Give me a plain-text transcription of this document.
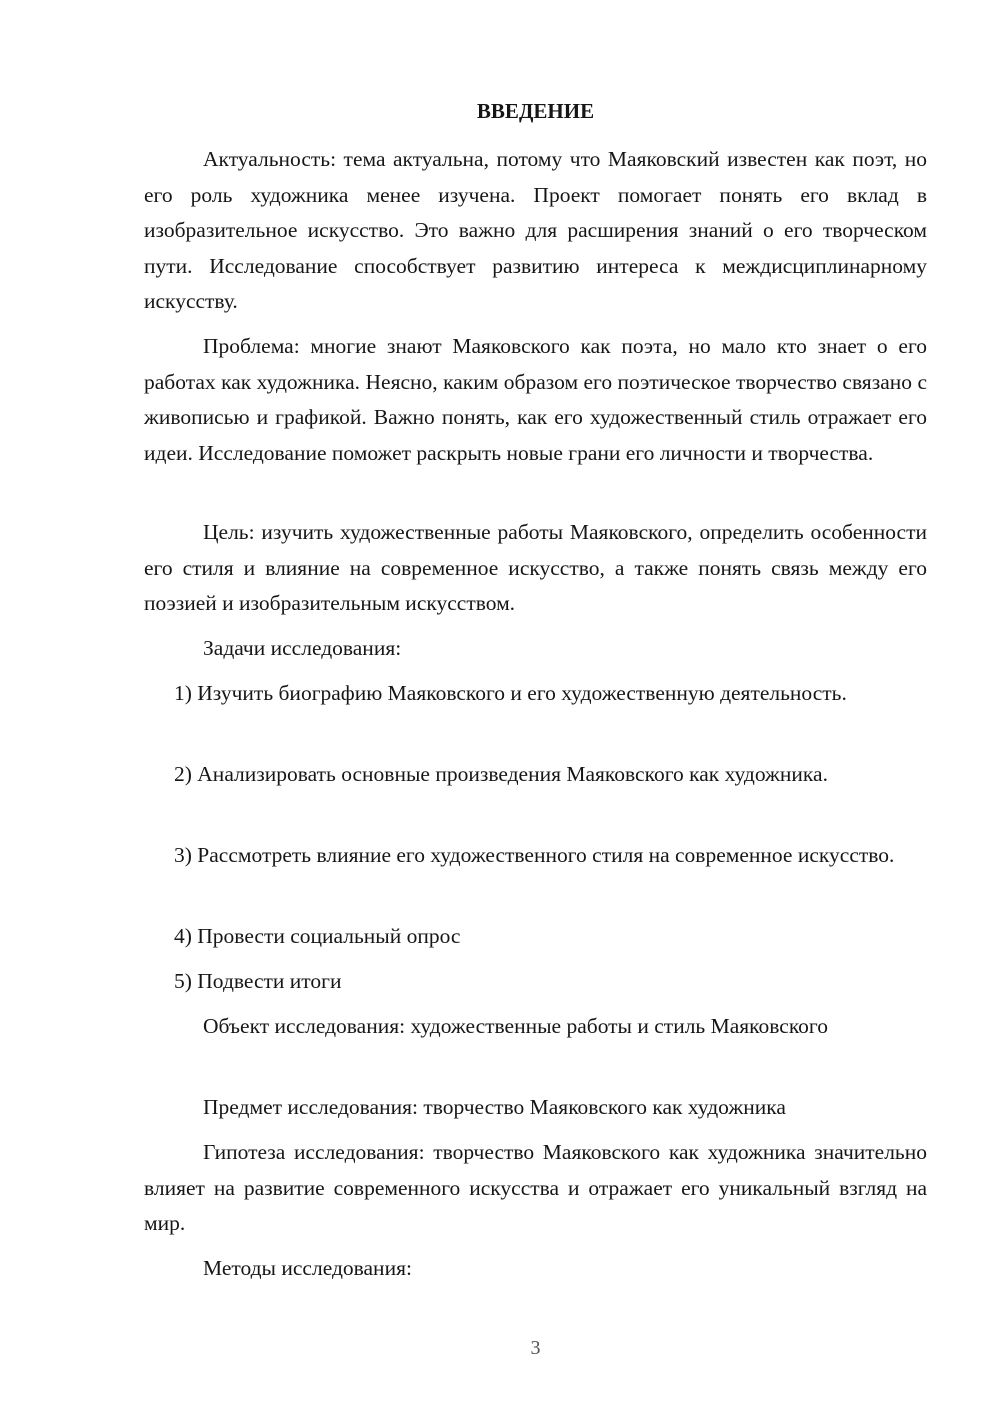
ВВЕДЕНИЕ

Актуальность: тема актуальна, потому что Маяковский известен как поэт, но его роль художника менее изучена. Проект помогает понять его вклад в изобразительное искусство. Это важно для расширения знаний о его творческом пути. Исследование способствует развитию интереса к междисциплинарному искусству.

Проблема: многие знают Маяковского как поэта, но мало кто знает о его работах как художника. Неясно, каким образом его поэтическое творчество связано с живописью и графикой. Важно понять, как его художественный стиль отражает его идеи. Исследование поможет раскрыть новые грани его личности и творчества.

Цель: изучить художественные работы Маяковского, определить особенности его стиля и влияние на современное искусство, а также понять связь между его поэзией и изобразительным искусством.

Задачи исследования:

1) Изучить биографию Маяковского и его художественную деятельность.

2) Анализировать основные произведения Маяковского как художника.

3) Рассмотреть влияние его художественного стиля на современное искусство.

4) Провести социальный опрос

5) Подвести итоги

Объект исследования: художественные работы и стиль Маяковского

Предмет исследования: творчество Маяковского как художника

Гипотеза исследования: творчество Маяковского как художника значительно влияет на развитие современного искусства и отражает его уникальный взгляд на мир.

Методы исследования:

3
